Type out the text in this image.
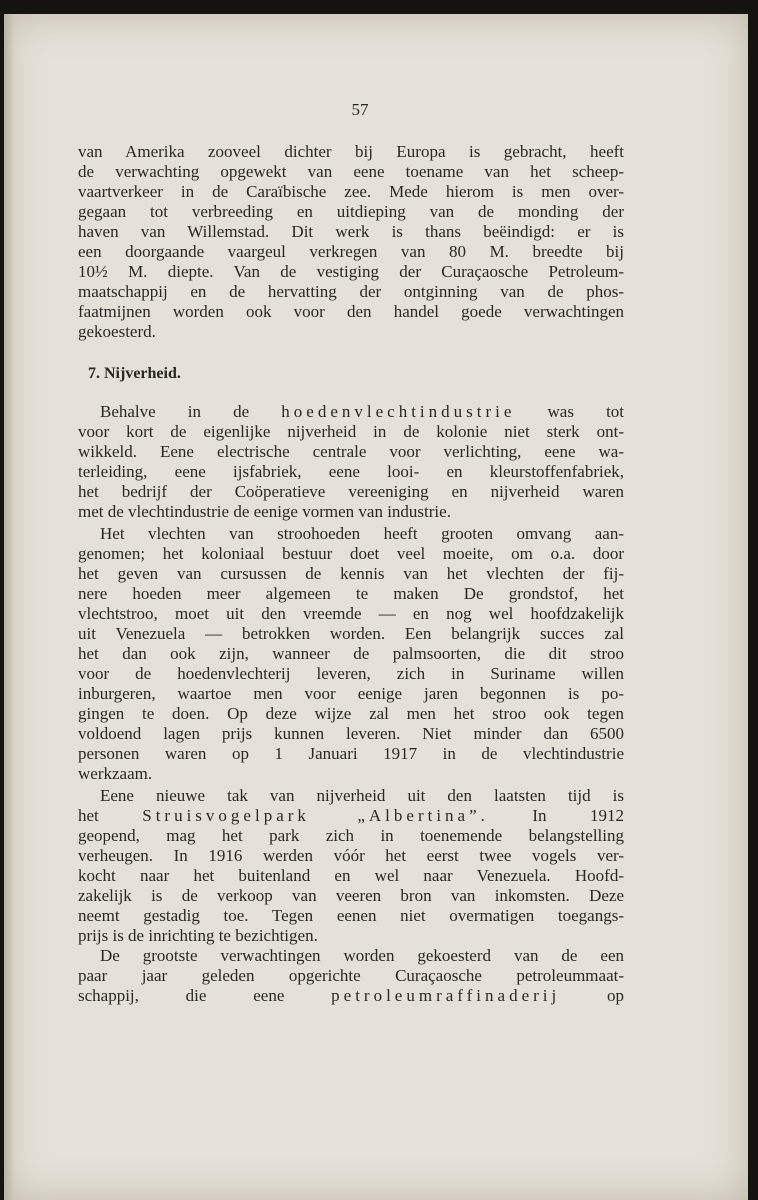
57
van Amerika zooveel dichter bij Europa is gebracht, heeft
de verwachting opgewekt van eene toename van het scheep-
vaartverkeer in de Caraïbische zee. Mede hierom is men over-
gegaan tot verbreeding en uitdieping van de monding der
haven van Willemstad. Dit werk is thans beëindigd: er is
een doorgaande vaargeul verkregen van 80 M. breedte bij
10½ M. diepte. Van de vestiging der Curaçaosche Petroleum-
maatschappij en de hervatting der ontginning van de phos-
faatmijnen worden ook voor den handel goede verwachtingen
gekoesterd.
7. Nijverheid.
Behalve in de hoedenvlechtindustrie was tot
voor kort de eigenlijke nijverheid in de kolonie niet sterk ont-
wikkeld. Eene electrische centrale voor verlichting, eene wa-
terleiding, eene ijsfabriek, eene looi- en kleurstoffenfabriek,
het bedrijf der Coöperatieve vereeniging en nijverheid waren
met de vlechtindustrie de eenige vormen van industrie.
Het vlechten van stroohoeden heeft grooten omvang aan-
genomen; het koloniaal bestuur doet veel moeite, om o.a. door
het geven van cursussen de kennis van het vlechten der fij-
nere hoeden meer algemeen te maken De grondstof, het
vlechtstroo, moet uit den vreemde — en nog wel hoofdzakelijk
uit Venezuela — betrokken worden. Een belangrijk succes zal
het dan ook zijn, wanneer de palmsoorten, die dit stroo
voor de hoedenvlechterij leveren, zich in Suriname willen
inburgeren, waartoe men voor eenige jaren begonnen is po-
gingen te doen. Op deze wijze zal men het stroo ook tegen
voldoend lagen prijs kunnen leveren. Niet minder dan 6500
personen waren op 1 Januari 1917 in de vlechtindustrie
werkzaam.
Eene nieuwe tak van nijverheid uit den laatsten tijd is
het	Struisvogelpark „Albertina”.	In 1912
geopend, mag het park zich in toenemende belangstelling
verheugen. In 1916 werden vóór het eerst twee vogels ver-
kocht naar het buitenland en wel naar Venezuela. Hoofd-
zakelijk is de verkoop van veeren bron van inkomsten. Deze
neemt gestadig toe. Tegen eenen niet overmatigen toegangs-
prijs is de inrichting te bezichtigen.
De grootste verwachtingen worden gekoesterd van de een
paar jaar geleden opgerichte Curaçaosche petroleummaat-
schappij, die eene	petroleumraffinaderij	op
